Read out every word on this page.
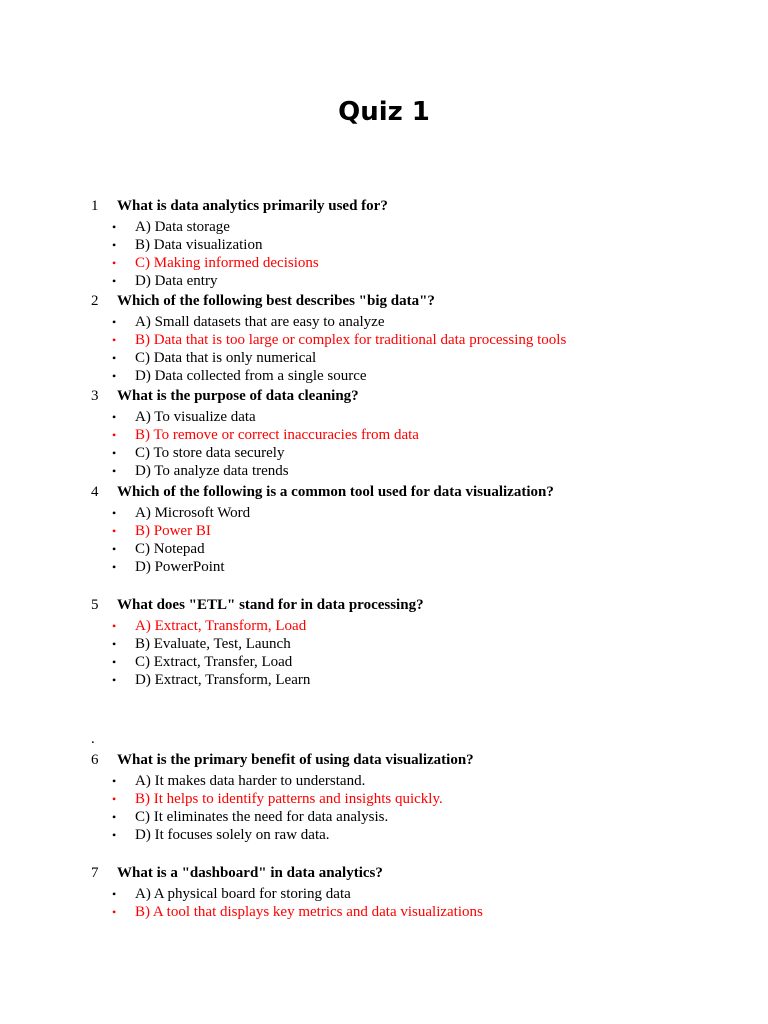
Quiz 1
1 What is data analytics primarily used for?
• A) Data storage
• B) Data visualization
• C) Making informed decisions
• D) Data entry
2 Which of the following best describes "big data"?
• A) Small datasets that are easy to analyze
• B) Data that is too large or complex for traditional data processing tools
• C) Data that is only numerical
• D) Data collected from a single source
3 What is the purpose of data cleaning?
• A) To visualize data
• B) To remove or correct inaccuracies from data
• C) To store data securely
• D) To analyze data trends
4 Which of the following is a common tool used for data visualization?
• A) Microsoft Word
• B) Power BI
• C) Notepad
• D) PowerPoint
5 What does "ETL" stand for in data processing?
• A) Extract, Transform, Load
• B) Evaluate, Test, Launch
• C) Extract, Transfer, Load
• D) Extract, Transform, Learn
.
6 What is the primary benefit of using data visualization?
• A) It makes data harder to understand.
• B) It helps to identify patterns and insights quickly.
• C) It eliminates the need for data analysis.
• D) It focuses solely on raw data.
7 What is a "dashboard" in data analytics?
• A) A physical board for storing data
• B) A tool that displays key metrics and data visualizations
